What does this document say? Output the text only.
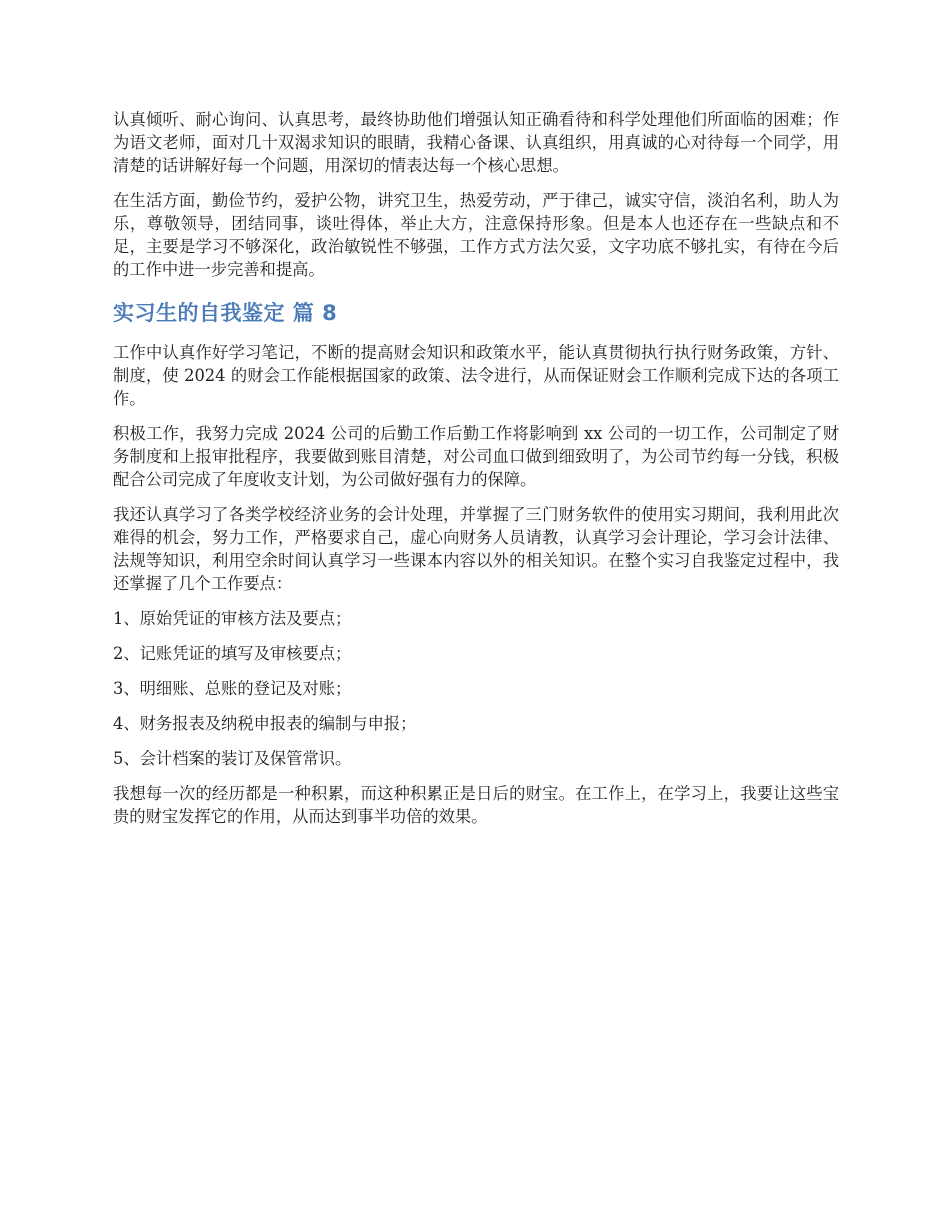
认真倾听、耐心询问、认真思考，最终协助他们增强认知正确看待和科学处理他们所面临的困难；作为语文老师，面对几十双渴求知识的眼睛，我精心备课、认真组织，用真诚的心对待每一个同学，用清楚的话讲解好每一个问题，用深切的情表达每一个核心思想。

在生活方面，勤俭节约，爱护公物，讲究卫生，热爱劳动，严于律己，诚实守信，淡泊名利，助人为乐，尊敬领导，团结同事，谈吐得体，举止大方，注意保持形象。但是本人也还存在一些缺点和不足，主要是学习不够深化，政治敏锐性不够强，工作方式方法欠妥，文字功底不够扎实，有待在今后的工作中进一步完善和提高。

实习生的自我鉴定 篇 8

工作中认真作好学习笔记，不断的提高财会知识和政策水平，能认真贯彻执行执行财务政策，方针、制度，使 2024 的财会工作能根据国家的政策、法令进行，从而保证财会工作顺利完成下达的各项工作。

积极工作，我努力完成 2024 公司的后勤工作后勤工作将影响到 xx 公司的一切工作，公司制定了财务制度和上报审批程序，我要做到账目清楚，对公司血口做到细致明了，为公司节约每一分钱，积极配合公司完成了年度收支计划，为公司做好强有力的保障。

我还认真学习了各类学校经济业务的会计处理，并掌握了三门财务软件的使用实习期间，我利用此次难得的机会，努力工作，严格要求自己，虚心向财务人员请教，认真学习会计理论，学习会计法律、法规等知识，利用空余时间认真学习一些课本内容以外的相关知识。在整个实习自我鉴定过程中，我还掌握了几个工作要点：

1、原始凭证的审核方法及要点；

2、记账凭证的填写及审核要点；

3、明细账、总账的登记及对账；

4、财务报表及纳税申报表的编制与申报；

5、会计档案的装订及保管常识。

我想每一次的经历都是一种积累，而这种积累正是日后的财宝。在工作上，在学习上，我要让这些宝贵的财宝发挥它的作用，从而达到事半功倍的效果。
